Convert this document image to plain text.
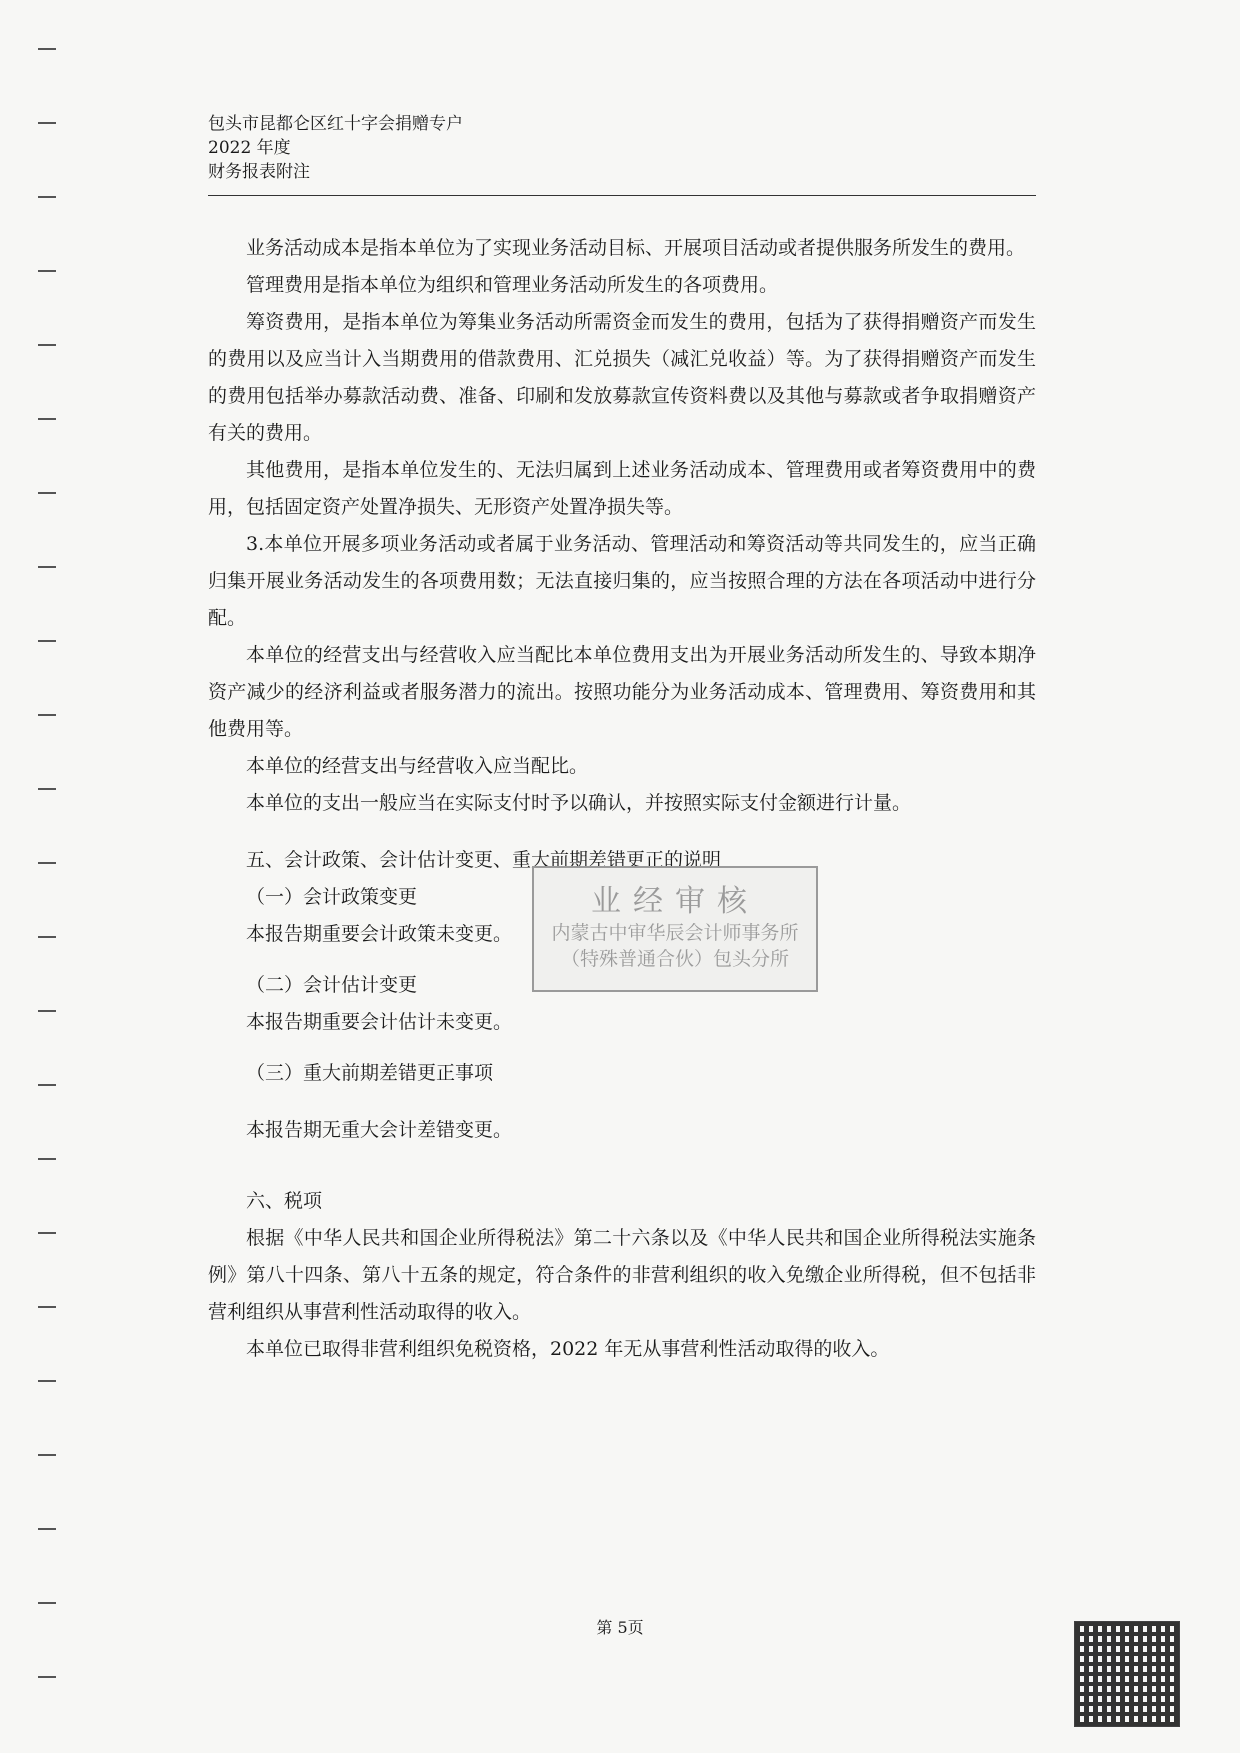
包头市昆都仑区红十字会捐赠专户
2022 年度
财务报表附注

业务活动成本是指本单位为了实现业务活动目标、开展项目活动或者提供服务所发生的费用。

管理费用是指本单位为组织和管理业务活动所发生的各项费用。

筹资费用，是指本单位为筹集业务活动所需资金而发生的费用，包括为了获得捐赠资产而发生的费用以及应当计入当期费用的借款费用、汇兑损失（减汇兑收益）等。为了获得捐赠资产而发生的费用包括举办募款活动费、准备、印刷和发放募款宣传资料费以及其他与募款或者争取捐赠资产有关的费用。

其他费用，是指本单位发生的、无法归属到上述业务活动成本、管理费用或者筹资费用中的费用，包括固定资产处置净损失、无形资产处置净损失等。

3.本单位开展多项业务活动或者属于业务活动、管理活动和筹资活动等共同发生的，应当正确归集开展业务活动发生的各项费用数；无法直接归集的，应当按照合理的方法在各项活动中进行分配。

本单位的经营支出与经营收入应当配比本单位费用支出为开展业务活动所发生的、导致本期净资产减少的经济利益或者服务潜力的流出。按照功能分为业务活动成本、管理费用、筹资费用和其他费用等。

本单位的经营支出与经营收入应当配比。

本单位的支出一般应当在实际支付时予以确认，并按照实际支付金额进行计量。

五、会计政策、会计估计变更、重大前期差错更正的说明
（一）会计政策变更
本报告期重要会计政策未变更。
（二）会计估计变更
本报告期重要会计估计未变更。
（三）重大前期差错更正事项
本报告期无重大会计差错变更。
六、税项

根据《中华人民共和国企业所得税法》第二十六条以及《中华人民共和国企业所得税法实施条例》第八十四条、第八十五条的规定，符合条件的非营利组织的收入免缴企业所得税，但不包括非营利组织从事营利性活动取得的收入。

本单位已取得非营利组织免税资格，2022 年无从事营利性活动取得的收入。

业经审核
内蒙古中审华辰会计师事务所
（特殊普通合伙）包头分所
第 5页
